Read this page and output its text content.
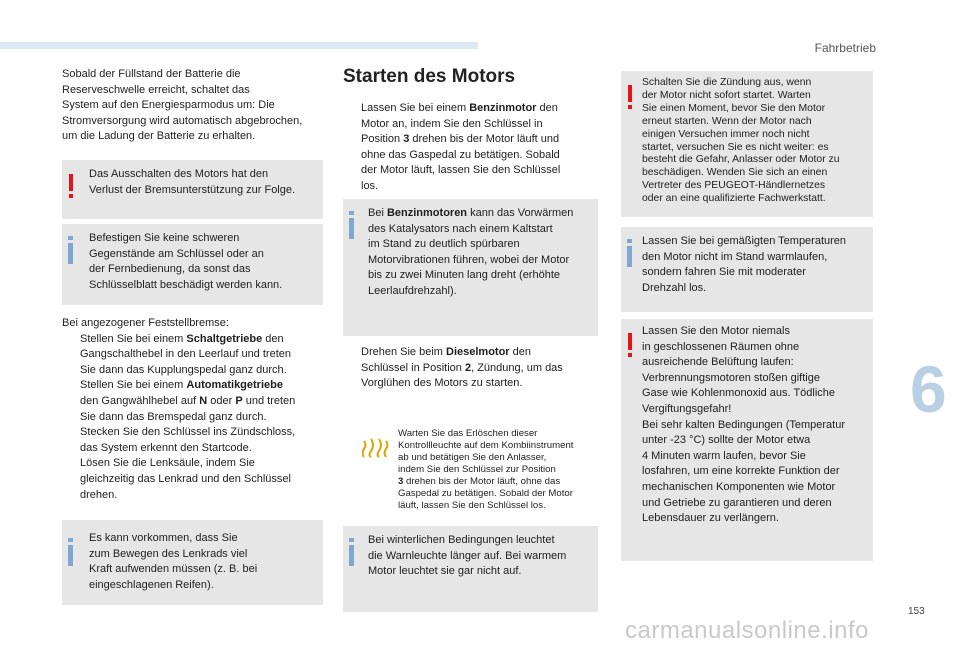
Fahrbetrieb
6

Sobald der Füllstand der Batterie die

Reserveschwelle erreicht, schaltet das

System auf den Energiesparmodus um: Die

Stromversorgung wird automatisch abgebrochen,

um die Ladung der Batterie zu erhalten.

Das Ausschalten des Motors hat den

Verlust der Bremsunterstützung zur Folge.

Befestigen Sie keine schweren

Gegenstände am Schlüssel oder an

der Fernbedienung, da sonst das

Schlüsselblatt beschädigt werden kann.

Bei angezogener Feststellbremse:

Stellen Sie bei einem Schaltgetriebe den

Gangschalthebel in den Leerlauf und treten

Sie dann das Kupplungspedal ganz durch.

Stellen Sie bei einem Automatikgetriebe

den Gangwählhebel auf N oder P und treten

Sie dann das Bremspedal ganz durch.

Stecken Sie den Schlüssel ins Zündschloss,

das System erkennt den Startcode.

Lösen Sie die Lenksäule, indem Sie

gleichzeitig das Lenkrad und den Schlüssel

drehen.

Es kann vorkommen, dass Sie

zum Bewegen des Lenkrads viel

Kraft aufwenden müssen (z. B. bei

eingeschlagenen Reifen).

Starten des Motors

Lassen Sie bei einem Benzinmotor den

Motor an, indem Sie den Schlüssel in

Position 3 drehen bis der Motor läuft und

ohne das Gaspedal zu betätigen. Sobald

der Motor läuft, lassen Sie den Schlüssel

los.

Bei Benzinmotoren kann das Vorwärmen

des Katalysators nach einem Kaltstart

im Stand zu deutlich spürbaren

Motorvibrationen führen, wobei der Motor

bis zu zwei Minuten lang dreht (erhöhte

Leerlaufdrehzahl).

Drehen Sie beim Dieselmotor den

Schlüssel in Position 2, Zündung, um das

Vorglühen des Motors zu starten.

Warten Sie das Erlöschen dieser

Kontrollleuchte auf dem Kombiinstrument

ab und betätigen Sie den Anlasser,

indem Sie den Schlüssel zur Position

3 drehen bis der Motor läuft, ohne das

Gaspedal zu betätigen. Sobald der Motor

läuft, lassen Sie den Schlüssel los.

Bei winterlichen Bedingungen leuchtet

die Warnleuchte länger auf. Bei warmem

Motor leuchtet sie gar nicht auf.

Schalten Sie die Zündung aus, wenn

der Motor nicht sofort startet. Warten

Sie einen Moment, bevor Sie den Motor

erneut starten. Wenn der Motor nach

einigen Versuchen immer noch nicht

startet, versuchen Sie es nicht weiter: es

besteht die Gefahr, Anlasser oder Motor zu

beschädigen. Wenden Sie sich an einen

Vertreter des PEUGEOT-Händlernetzes

oder an eine qualifizierte Fachwerkstatt.

Lassen Sie bei gemäßigten Temperaturen

den Motor nicht im Stand warmlaufen,

sondern fahren Sie mit moderater

Drehzahl los.

Lassen Sie den Motor niemals

in geschlossenen Räumen ohne

ausreichende Belüftung laufen:

Verbrennungsmotoren stoßen giftige

Gase wie Kohlenmonoxid aus. Tödliche

Vergiftungsgefahr!

Bei sehr kalten Bedingungen (Temperatur

unter -23 °C) sollte der Motor etwa

4 Minuten warm laufen, bevor Sie

losfahren, um eine korrekte Funktion der

mechanischen Komponenten wie Motor

und Getriebe zu garantieren und deren

Lebensdauer zu verlängern.

153
carmanualsonline.info
